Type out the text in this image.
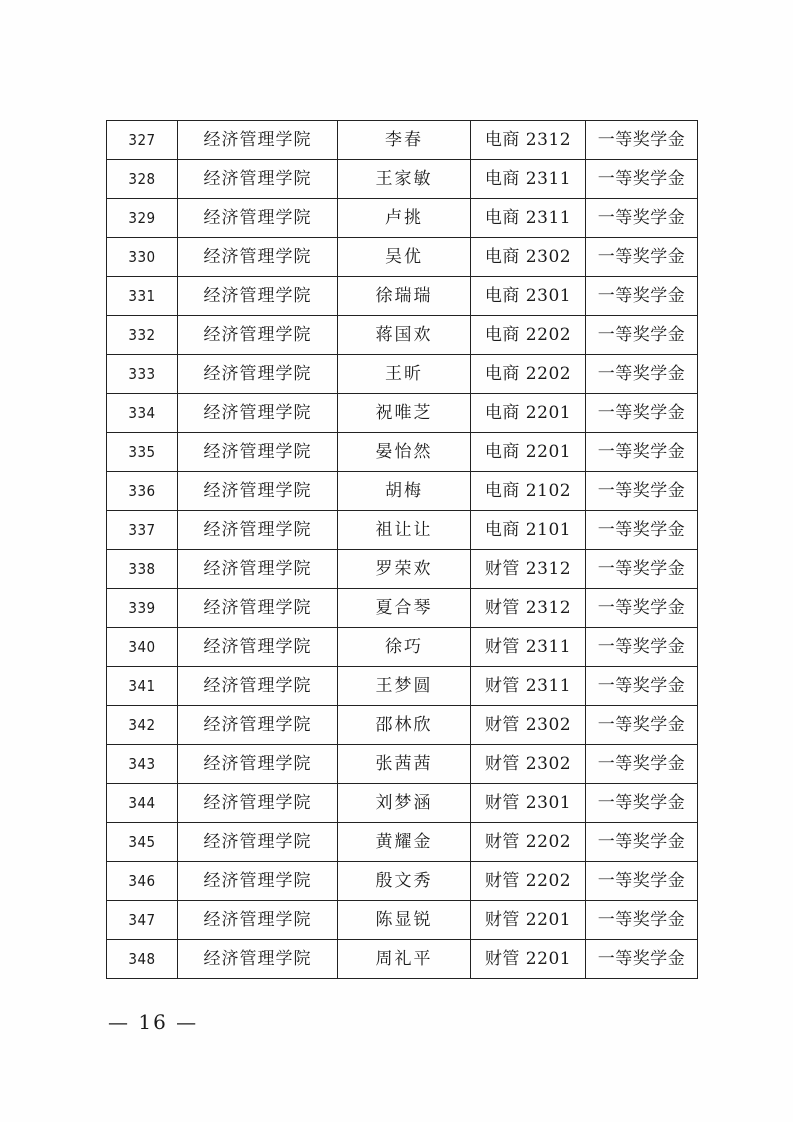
327	经济管理学院	李春	电商 2312	一等奖学金
328	经济管理学院	王家敏	电商 2311	一等奖学金
329	经济管理学院	卢挑	电商 2311	一等奖学金
330	经济管理学院	吴优	电商 2302	一等奖学金
331	经济管理学院	徐瑞瑞	电商 2301	一等奖学金
332	经济管理学院	蒋国欢	电商 2202	一等奖学金
333	经济管理学院	王昕	电商 2202	一等奖学金
334	经济管理学院	祝唯芝	电商 2201	一等奖学金
335	经济管理学院	晏怡然	电商 2201	一等奖学金
336	经济管理学院	胡梅	电商 2102	一等奖学金
337	经济管理学院	祖让让	电商 2101	一等奖学金
338	经济管理学院	罗荣欢	财管 2312	一等奖学金
339	经济管理学院	夏合琴	财管 2312	一等奖学金
340	经济管理学院	徐巧	财管 2311	一等奖学金
341	经济管理学院	王梦圆	财管 2311	一等奖学金
342	经济管理学院	邵林欣	财管 2302	一等奖学金
343	经济管理学院	张茜茜	财管 2302	一等奖学金
344	经济管理学院	刘梦涵	财管 2301	一等奖学金
345	经济管理学院	黄耀金	财管 2202	一等奖学金
346	经济管理学院	殷文秀	财管 2202	一等奖学金
347	经济管理学院	陈显锐	财管 2201	一等奖学金
348	经济管理学院	周礼平	财管 2201	一等奖学金
— 16 —
